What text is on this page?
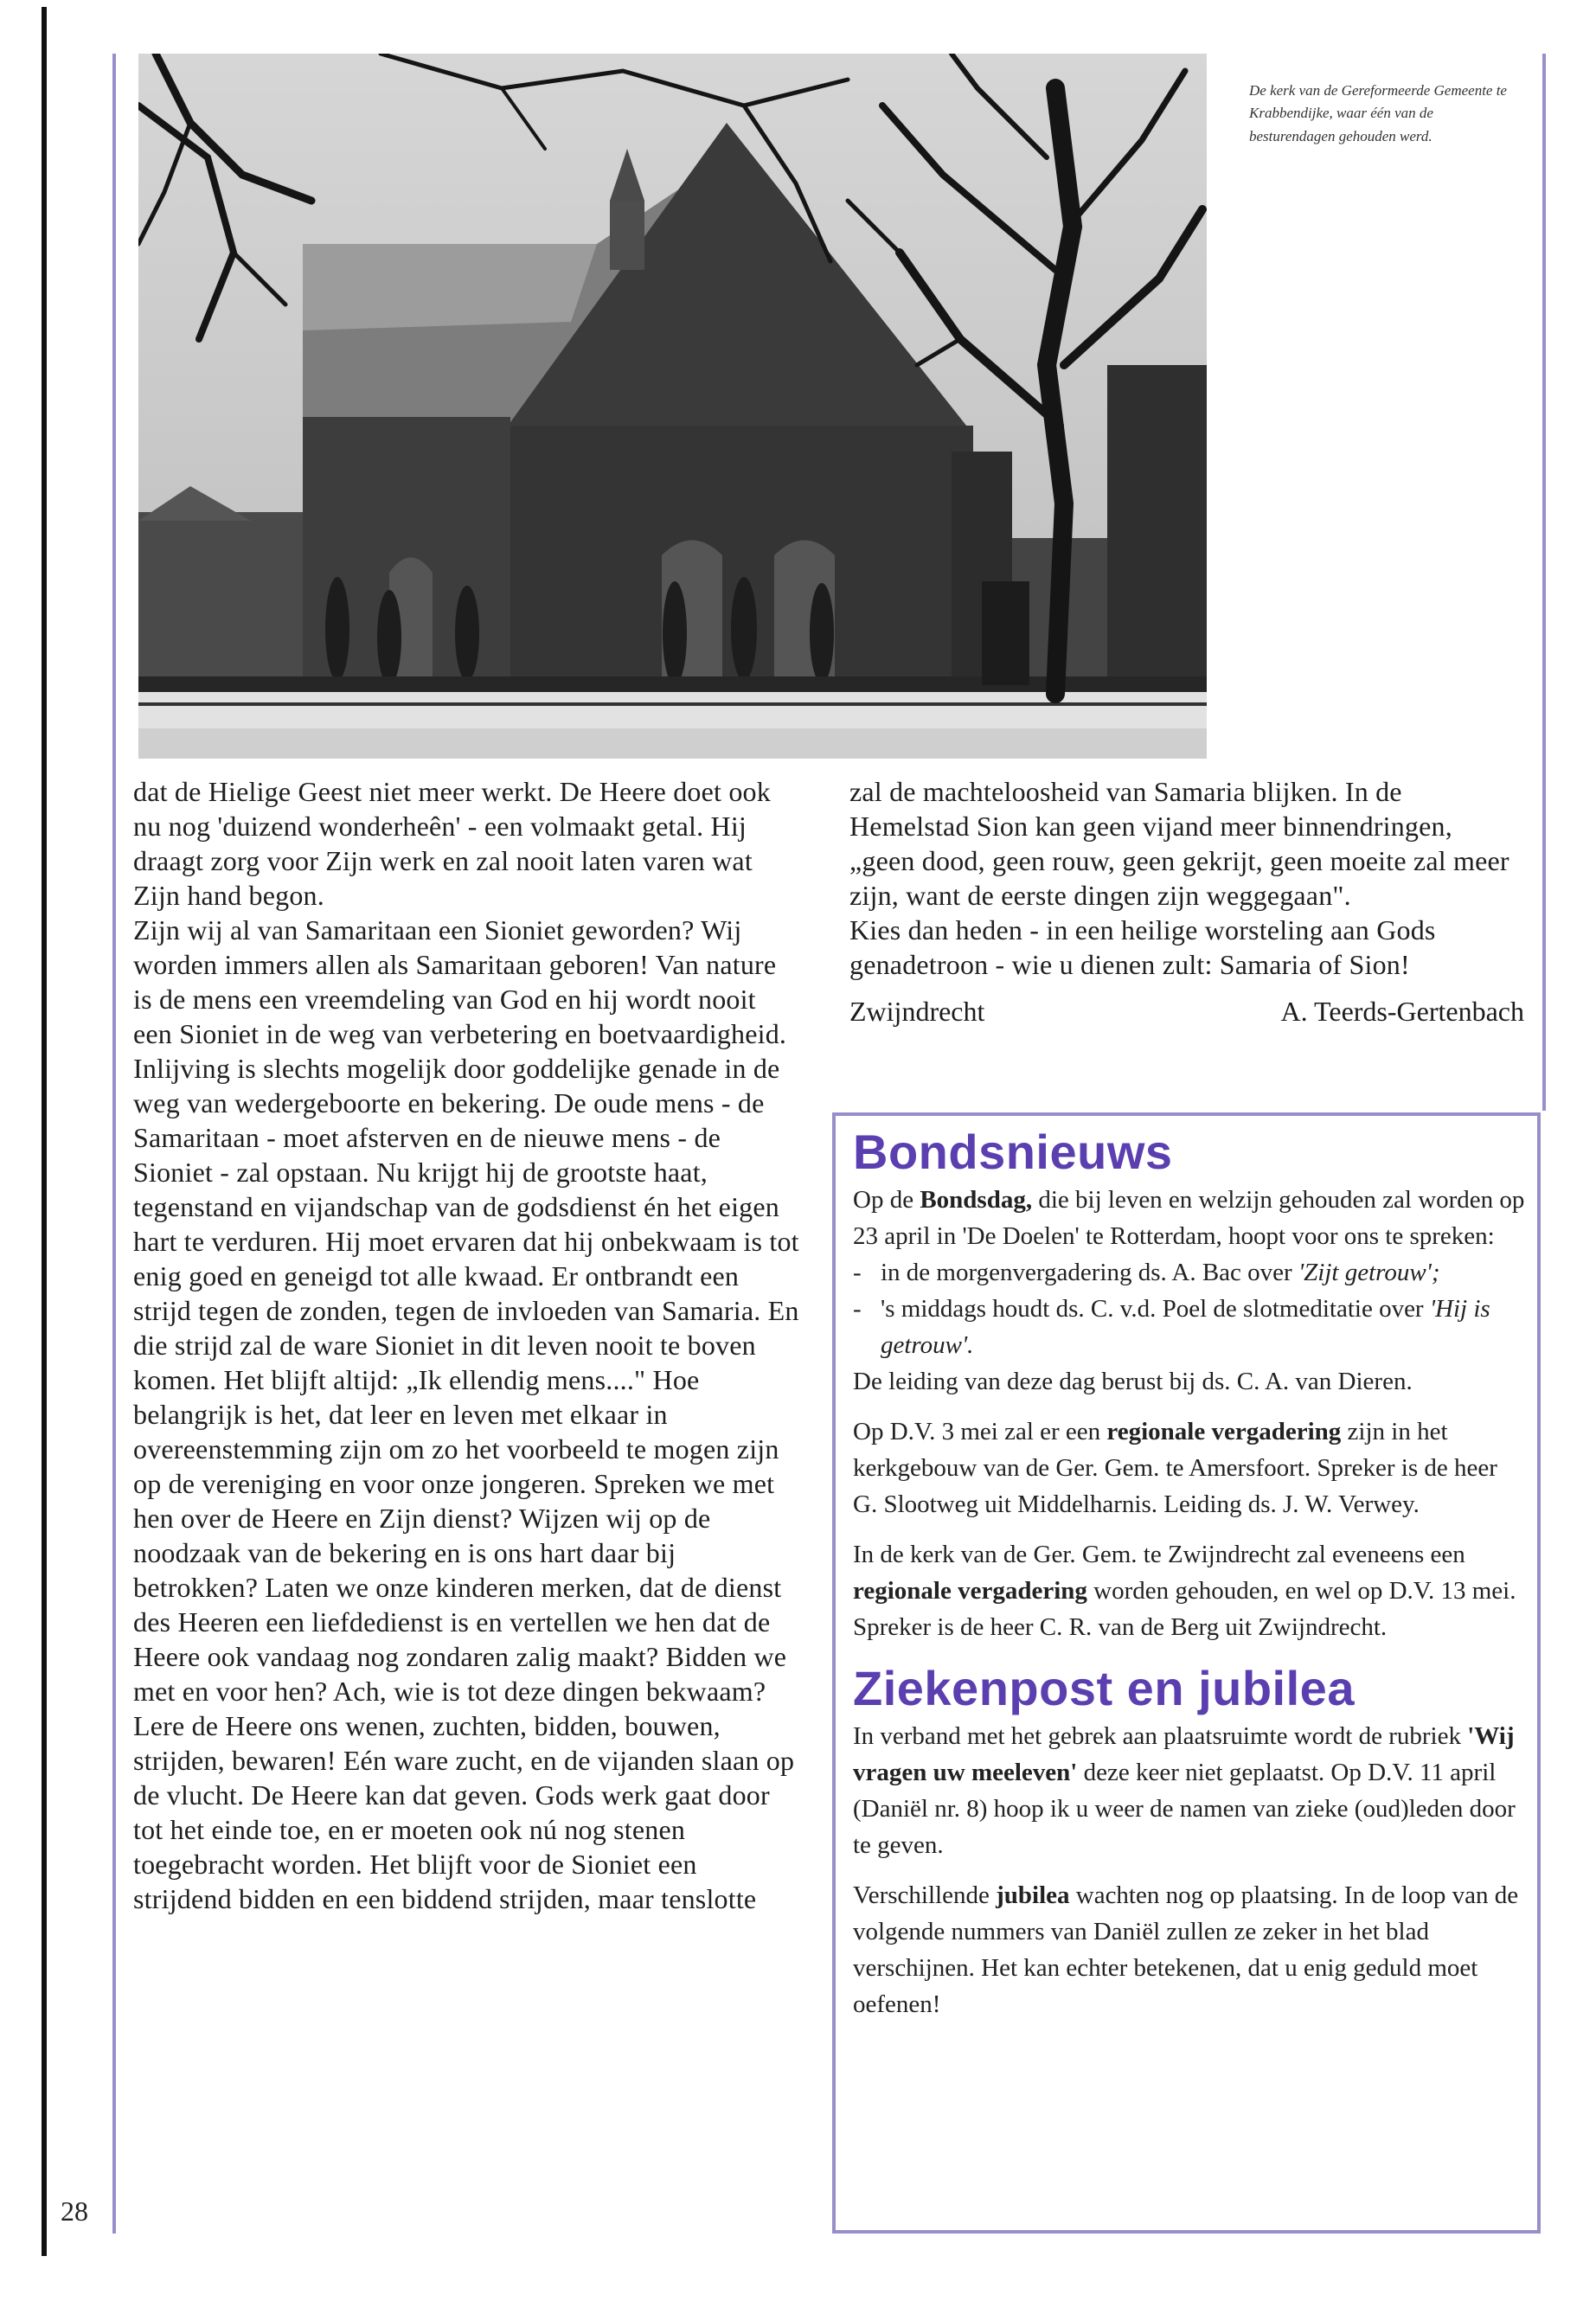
De kerk van de Gereformeerde Gemeente te Krabbendijke, waar één van de besturendagen gehouden werd.

dat de Hielige Geest niet meer werkt. De Heere doet ook nu nog 'duizend wonderheên' - een volmaakt getal. Hij draagt zorg voor Zijn werk en zal nooit laten varen wat Zijn hand begon.
Zijn wij al van Samaritaan een Sioniet geworden? Wij worden immers allen als Samaritaan geboren! Van nature is de mens een vreemdeling van God en hij wordt nooit een Sioniet in de weg van verbetering en boetvaardigheid. Inlijving is slechts mogelijk door goddelijke genade in de weg van wedergeboorte en bekering. De oude mens - de Samaritaan - moet afsterven en de nieuwe mens - de Sioniet - zal opstaan. Nu krijgt hij de grootste haat, tegenstand en vijandschap van de godsdienst én het eigen hart te verduren. Hij moet ervaren dat hij onbekwaam is tot enig goed en geneigd tot alle kwaad. Er ontbrandt een strijd tegen de zonden, tegen de invloeden van Samaria. En die strijd zal de ware Sioniet in dit leven nooit te boven komen. Het blijft altijd: „Ik ellendig mens...." Hoe belangrijk is het, dat leer en leven met elkaar in overeenstemming zijn om zo het voorbeeld te mogen zijn op de vereniging en voor onze jongeren. Spreken we met hen over de Heere en Zijn dienst? Wijzen wij op de noodzaak van de bekering en is ons hart daar bij betrokken? Laten we onze kinderen merken, dat de dienst des Heeren een liefdedienst is en vertellen we hen dat de Heere ook vandaag nog zondaren zalig maakt? Bidden we met en voor hen? Ach, wie is tot deze dingen bekwaam? Lere de Heere ons wenen, zuchten, bidden, bouwen, strijden, bewaren! Eén ware zucht, en de vijanden slaan op de vlucht. De Heere kan dat geven. Gods werk gaat door tot het einde toe, en er moeten ook nú nog stenen toegebracht worden. Het blijft voor de Sioniet een strijdend bidden en een biddend strijden, maar tenslotte

zal de machteloosheid van Samaria blijken. In de Hemelstad Sion kan geen vijand meer binnendringen, „geen dood, geen rouw, geen gekrijt, geen moeite zal meer zijn, want de eerste dingen zijn weggegaan".
Kies dan heden - in een heilige worsteling aan Gods genadetroon - wie u dienen zult: Samaria of Sion!

Zwijndrecht	A. Teerds-Gertenbach
Bondsnieuws

Op de Bondsdag, die bij leven en welzijn gehouden zal worden op 23 april in 'De Doelen' te Rotterdam, hoopt voor ons te spreken:

- in de morgenvergadering ds. A. Bac over 'Zijt getrouw';
- 's middags houdt ds. C. v.d. Poel de slotmeditatie over 'Hij is getrouw'.

De leiding van deze dag berust bij ds. C. A. van Dieren.

Op D.V. 3 mei zal er een regionale vergadering zijn in het kerkgebouw van de Ger. Gem. te Amersfoort. Spreker is de heer G. Slootweg uit Middelharnis. Leiding ds. J. W. Verwey.

In de kerk van de Ger. Gem. te Zwijndrecht zal eveneens een regionale vergadering worden gehouden, en wel op D.V. 13 mei. Spreker is de heer C. R. van de Berg uit Zwijndrecht.

Ziekenpost en jubilea

In verband met het gebrek aan plaatsruimte wordt de rubriek 'Wij vragen uw meeleven' deze keer niet geplaatst. Op D.V. 11 april (Daniël nr. 8) hoop ik u weer de namen van zieke (oud)leden door te geven.

Verschillende jubilea wachten nog op plaatsing. In de loop van de volgende nummers van Daniël zullen ze zeker in het blad verschijnen. Het kan echter betekenen, dat u enig geduld moet oefenen!

28
